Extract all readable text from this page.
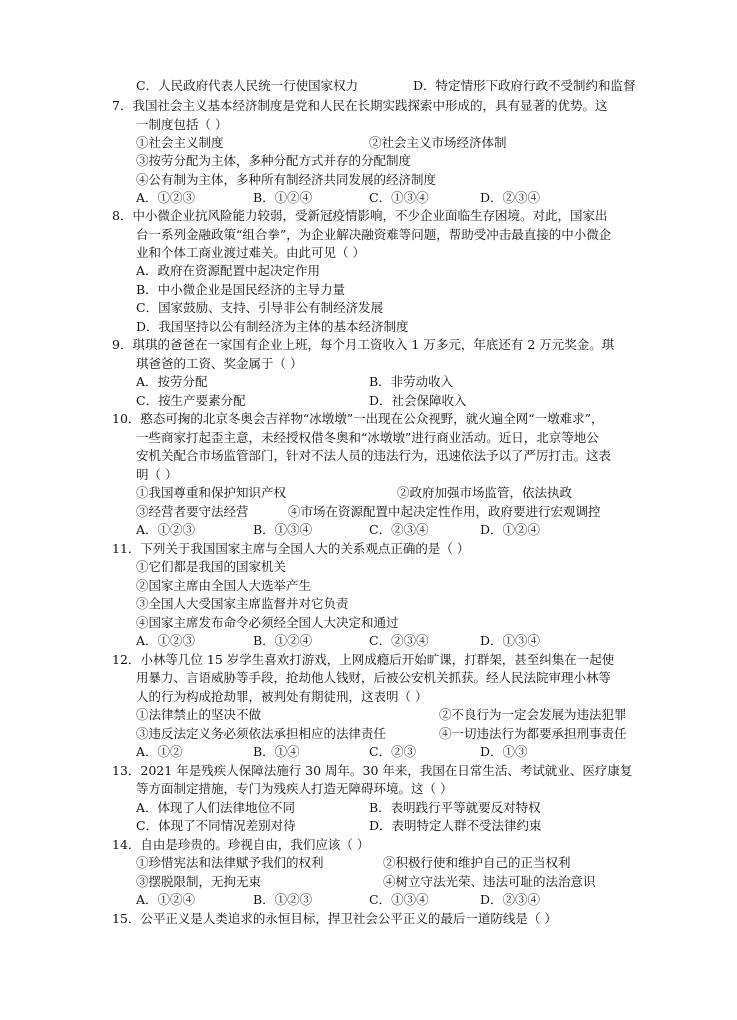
C．人民政府代表人民统一行使国家权力	D．特定情形下政府行政不受制约和监督
7．我国社会主义基本经济制度是党和人民在长期实践探索中形成的，具有显著的优势。这
一制度包括（ ）
①社会主义制度	②社会主义市场经济体制
③按劳分配为主体，多种分配方式并存的分配制度
④公有制为主体，多种所有制经济共同发展的经济制度
A．①②③	B．①②④	C．①③④	D．②③④
8．中小微企业抗风险能力较弱，受新冠疫情影响，不少企业面临生存困境。对此，国家出
台一系列金融政策“组合拳”，为企业解决融资难等问题，帮助受冲击最直接的中小微企
业和个体工商业渡过难关。由此可见（ ）
A．政府在资源配置中起决定作用
B．中小微企业是国民经济的主导力量
C．国家鼓励、支持、引导非公有制经济发展
D．我国坚持以公有制经济为主体的基本经济制度
9．琪琪的爸爸在一家国有企业上班，每个月工资收入 1 万多元，年底还有 2 万元奖金。琪
琪爸爸的工资、奖金属于（ ）
A．按劳分配	B．非劳动收入
C．按生产要素分配	D．社会保障收入
10．憨态可掬的北京冬奥会吉祥物“冰墩墩”一出现在公众视野，就火遍全网“一墩难求”，
一些商家打起歪主意，未经授权借冬奥和“冰墩墩”进行商业活动。近日，北京等地公
安机关配合市场监管部门，针对不法人员的违法行为，迅速依法予以了严厉打击。这表
明（ ）
①我国尊重和保护知识产权	②政府加强市场监管，依法执政
③经营者要守法经营	④市场在资源配置中起决定性作用，政府要进行宏观调控
A．①②③	B．①③④	C．②③④	D．①②④
11．下列关于我国国家主席与全国人大的关系观点正确的是（ ）
①它们都是我国的国家机关
②国家主席由全国人大选举产生
③全国人大受国家主席监督并对它负责
④国家主席发布命令必须经全国人大决定和通过
A．①②③	B．①②④	C．②③④	D．①③④
12．小林等几位 15 岁学生喜欢打游戏，上网成瘾后开始旷课，打群架，甚至纠集在一起使
用暴力、言语威胁等手段，抢劫他人钱财，后被公安机关抓获。经人民法院审理小林等
人的行为构成抢劫罪，被判处有期徒刑，这表明（ ）
①法律禁止的坚决不做	②不良行为一定会发展为违法犯罪
③违反法定义务必须依法承担相应的法律责任	④一切违法行为都要承担刑事责任
A．①②	B．①④	C．②③	D．①③
13．2021 年是残疾人保障法施行 30 周年。30 年来，我国在日常生活、考试就业、医疗康复
等方面制定措施，专门为残疾人打造无障碍环境。这（ ）
A．体现了人们法律地位不同	B．表明践行平等就要反对特权
C．体现了不同情况差别对待	D．表明特定人群不受法律约束
14．自由是珍贵的。珍视自由，我们应该（ ）
①珍惜宪法和法律赋予我们的权利	②积极行使和维护自己的正当权利
③摆脱限制，无拘无束	④树立守法光荣、违法可耻的法治意识
A．①②④	B．①②③	C．①③④	D．②③④
15．公平正义是人类追求的永恒目标，捍卫社会公平正义的最后一道防线是（ ）
